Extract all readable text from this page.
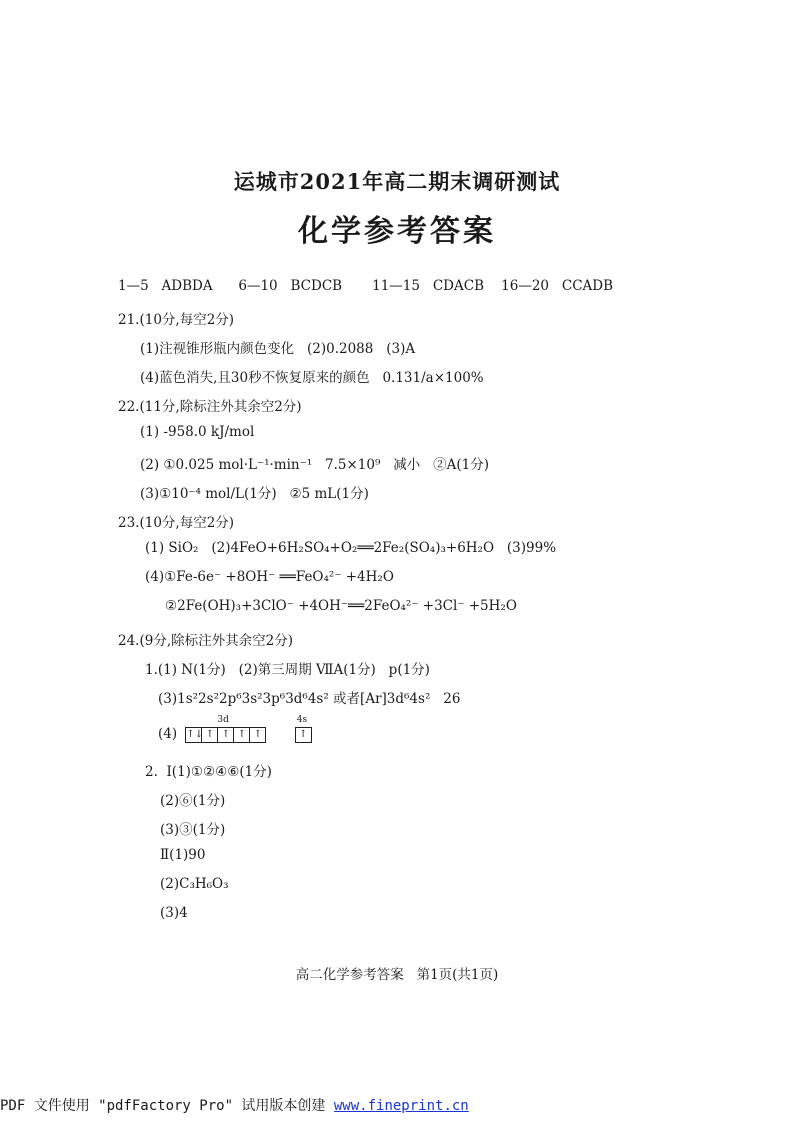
运城市2021年高二期末调研测试
化学参考答案
1—5   ADBDA      6—10   BCDCB       11—15   CDACB    16—20   CCADB
21.(10分,每空2分)
(1)注视锥形瓶内颜色变化   (2)0.2088   (3)A
(4)蓝色消失,且30秒不恢复原来的颜色   0.131/a×100%
22.(11分,除标注外其余空2分)
(1) -958.0 kJ/mol
(2) ①0.025 mol·L⁻¹·min⁻¹   7.5×10⁹   减小   ②A(1分)
(3)①10⁻⁴ mol/L(1分)   ②5 mL(1分)
23.(10分,每空2分)
(1) SiO₂   (2)4FeO+6H₂SO₄+O₂══2Fe₂(SO₄)₃+6H₂O   (3)99%
(4)①Fe-6e⁻ +8OH⁻ ══FeO₄²⁻ +4H₂O
②2Fe(OH)₃+3ClO⁻ +4OH⁻══2FeO₄²⁻ +3Cl⁻ +5H₂O
24.(9分,除标注外其余空2分)
1.(1) N(1分)   (2)第三周期 ⅦA(1分)   p(1分)
(3)1s²2s²2p⁶3s²3p⁶3d⁶4s² 或者[Ar]3d⁶4s²   26
(4)
3d
↑↓ ↑ ↑ ↑ ↑

4s
↑
2.  Ⅰ(1)①②④⑥(1分)
(2)⑥(1分)
(3)③(1分)
Ⅱ(1)90
(2)C₃H₆O₃
(3)4
高二化学参考答案   第1页(共1页)
PDF 文件使用 "pdfFactory Pro" 试用版本创建 www.fineprint.cn
